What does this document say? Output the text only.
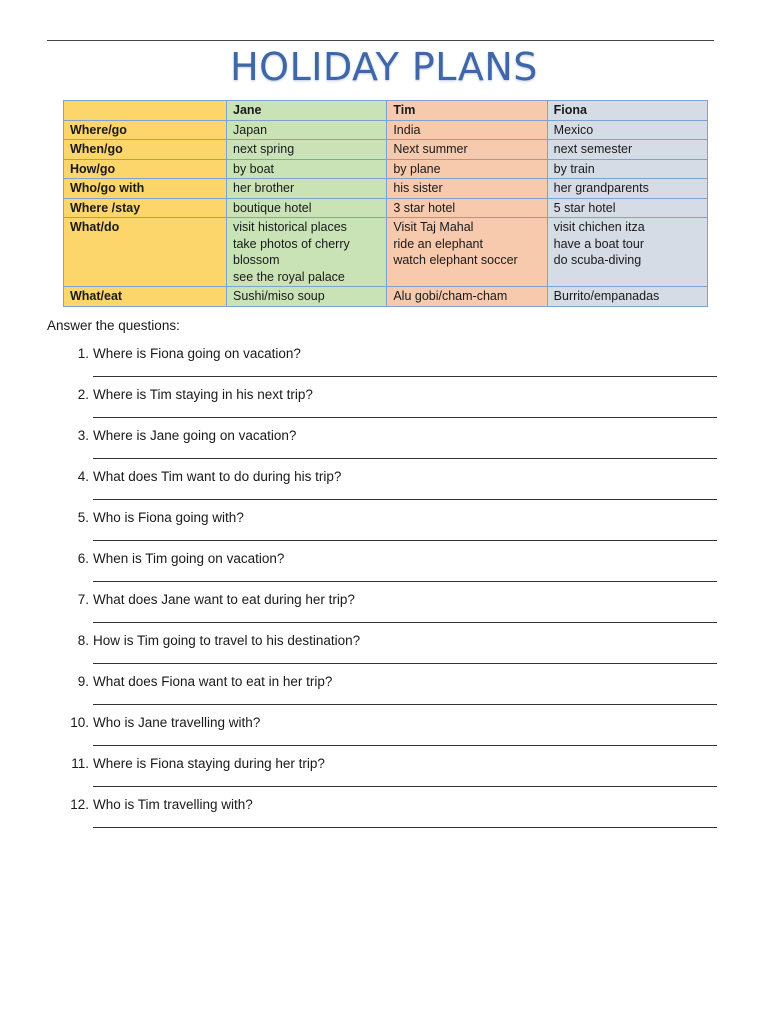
HOLIDAY PLANS
	Jane	Tim	Fiona
Where/go	Japan	India	Mexico
When/go	next spring	Next summer	next semester
How/go	by boat	by plane	by train
Who/go with	her brother	his sister	her grandparents
Where /stay	boutique hotel	3 star hotel	5 star hotel
What/do	visit historical places
take photos of cherry
blossom
see the royal palace	Visit Taj Mahal
ride an elephant
watch elephant soccer	visit chichen itza
have a boat tour
do scuba-diving
What/eat	Sushi/miso soup	Alu gobi/cham-cham	Burrito/empanadas
Answer the questions:
1. Where is Fiona going on vacation?
2. Where is Tim staying in his next trip?
3. Where is Jane going on vacation?
4. What does Tim want to do during his trip?
5. Who is Fiona going with?
6. When is Tim going on vacation?
7. What does Jane want to eat during her trip?
8. How is Tim going to travel to his destination?
9. What does Fiona want to eat in her trip?
10. Who is Jane travelling with?
11. Where is Fiona staying during her trip?
12. Who is Tim travelling with?
